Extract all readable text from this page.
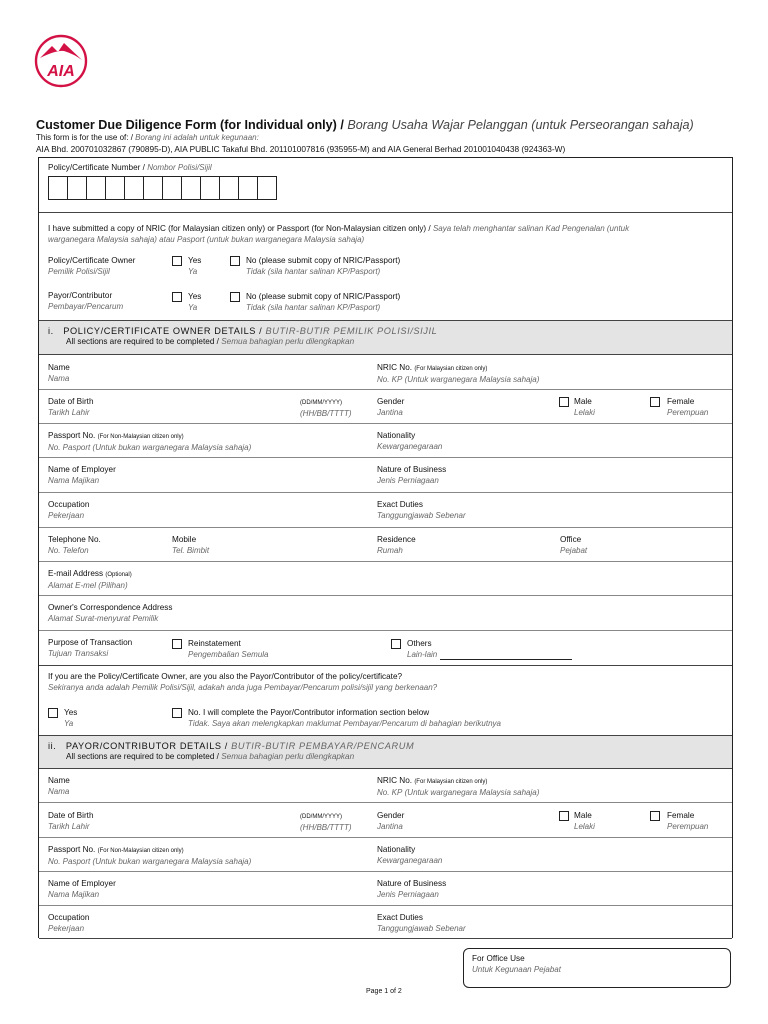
AIA
Customer Due Diligence Form (for Individual only) / Borang Usaha Wajar Pelanggan (untuk Perseorangan sahaja)
This form is for the use of: / Borang ini adalah untuk kegunaan:
AIA Bhd. 200701032867 (790895-D), AIA PUBLIC Takaful Bhd. 201101007816 (935955-M) and AIA General Berhad 201001040438 (924363-W)
Policy/Certificate Number / Nombor Polisi/Sijil
I have submitted a copy of NRIC (for Malaysian citizen only) or Passport (for Non-Malaysian citizen only) / Saya telah menghantar salinan Kad Pengenalan (untuk
warganegara Malaysia sahaja) atau Pasport (untuk bukan warganegara Malaysia sahaja)
Policy/Certificate Owner
Pemilik Polisi/Sijil
Yes
Ya
No (please submit copy of NRIC/Passport)
Tidak (sila hantar salinan KP/Pasport)
Payor/Contributor
Pembayar/Pencarum
Yes
Ya
No (please submit copy of NRIC/Passport)
Tidak (sila hantar salinan KP/Pasport)
i. POLICY/CERTIFICATE OWNER DETAILS / BUTIR-BUTIR PEMILIK POLISI/SIJIL
All sections are required to be completed / Semua bahagian perlu dilengkapkan
Name
Nama
NRIC No. (For Malaysian citizen only)
No. KP (Untuk warganegara Malaysia sahaja)
Date of Birth
Tarikh Lahir
(DD/MM/YYYY)
(HH/BB/TTTT)
Gender
Jantina
Male
Lelaki
Female
Perempuan
Passport No. (For Non-Malaysian citizen only)
No. Pasport (Untuk bukan warganegara Malaysia sahaja)
Nationality
Kewarganegaraan
Name of Employer
Nama Majikan
Nature of Business
Jenis Perniagaan
Occupation
Pekerjaan
Exact Duties
Tanggungjawab Sebenar
Telephone No.
No. Telefon
Mobile
Tel. Bimbit
Residence
Rumah
Office
Pejabat
E-mail Address (Optional)
Alamat E-mel (Pilihan)
Owner's Correspondence Address
Alamat Surat-menyurat Pemilik
Purpose of Transaction
Tujuan Transaksi
Reinstatement
Pengembalian Semula
Others
Lain-lain
If you are the Policy/Certificate Owner, are you also the Payor/Contributor of the policy/certificate?
Sekiranya anda adalah Pemilik Polisi/Sijil, adakah anda juga Pembayar/Pencarum polisi/sijil yang berkenaan?
Yes
Ya
No. I will complete the Payor/Contributor information section below
Tidak. Saya akan melengkapkan maklumat Pembayar/Pencarum di bahagian berikutnya
ii. PAYOR/CONTRIBUTOR DETAILS / BUTIR-BUTIR PEMBAYAR/PENCARUM
All sections are required to be completed / Semua bahagian perlu dilengkapkan
Name
Nama
NRIC No. (For Malaysian citizen only)
No. KP (Untuk warganegara Malaysia sahaja)
Date of Birth
Tarikh Lahir
(DD/MM/YYYY)
(HH/BB/TTTT)
Gender
Jantina
Male
Lelaki
Female
Perempuan
Passport No. (For Non-Malaysian citizen only)
No. Pasport (Untuk bukan warganegara Malaysia sahaja)
Nationality
Kewarganegaraan
Name of Employer
Nama Majikan
Nature of Business
Jenis Perniagaan
Occupation
Pekerjaan
Exact Duties
Tanggungjawab Sebenar
For Office Use
Untuk Kegunaan Pejabat
Page 1 of 2
